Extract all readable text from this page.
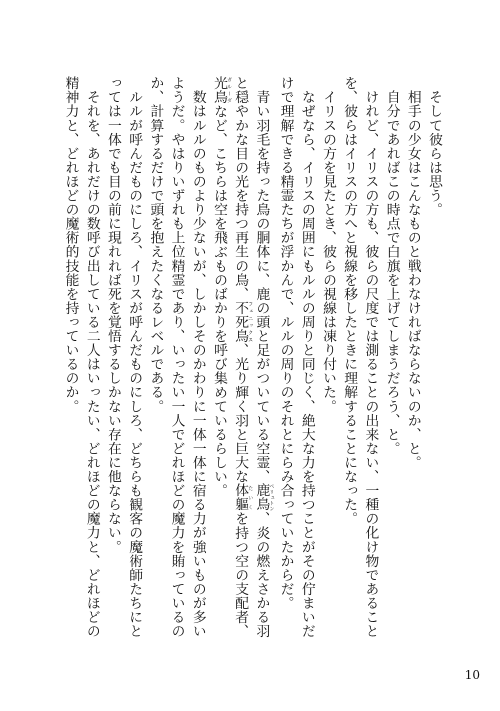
　そして彼らは思う。

　相手の少女はこんなものと戦わなければならないのか、と。

　自分であればこの時点で白旗を上げてしまうだろう、と。

　けれど、イリスの方も、彼らの尺度では測ることの出来ない、一種の化け物であることを、彼らはイリスの方へと視線を移したときに理解することになった。

　イリスの方を見たとき、彼らの視線は凍り付いた。

　なぜなら、イリスの周囲にもルルの周りと同じく、絶大な力を持つことがその佇まいだけで理解できる精霊たちが浮かんで、ルルの周りのそれとにらみ合っていたからだ。

　青い羽毛を持った鳥の胴体に、鹿の頭と足がついている空霊、鹿鳥 ペリュトン、炎の燃えさかる羽と穏やかな目の光を持つ再生の鳥、不死鳥 フェニックス、光り輝く羽と巨大な体軀 たいくを持つ空の支配者、光鳥 ガルーダなど、こちらは空を飛ぶものばかりを呼び集めているらしい。

　数はルルのものより少ないが、しかしそのかわりに一体一体に宿る力が強いものが多いようだ。やはりいずれも上位精霊であり、いったい一人でどれほどの魔力を賄っているのか、計算するだけで頭を抱えたくなるレベルである。

　ルルが呼んだものにしろ、イリスが呼んだものにしろ、どちらも観客の魔術師たちにとっては一体でも目の前に現れれば死を覚悟するしかない存在に他ならない。

　それを、あれだけの数呼び出している二人はいったい、どれほどの魔力と、どれほどの精神力と、どれほどの魔術的技能を持っているのか。

10
